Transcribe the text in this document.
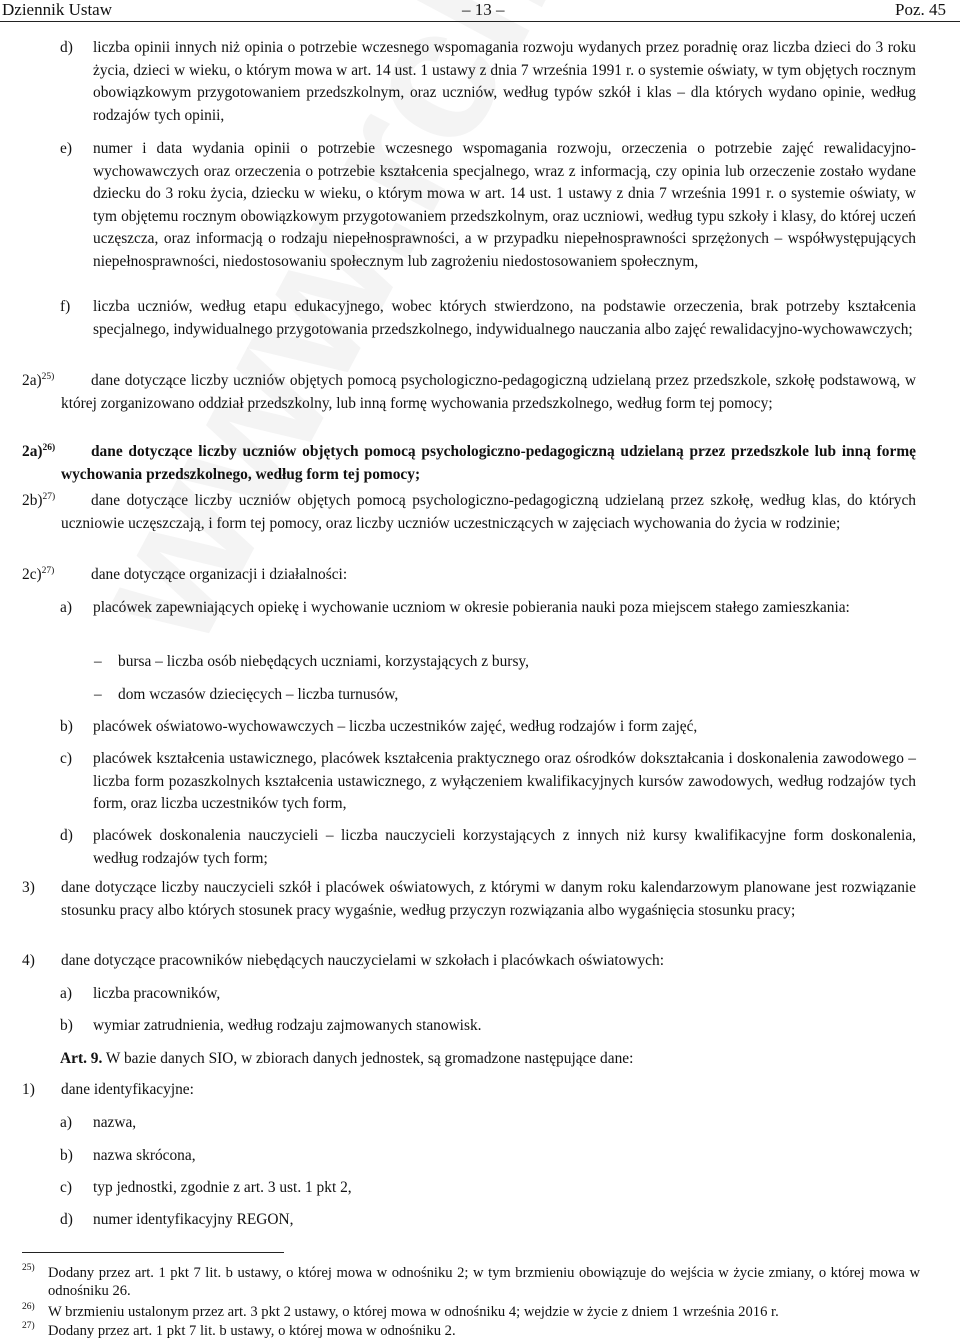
Dziennik Ustaw	– 13 –	Poz. 45
d) liczba opinii innych niż opinia o potrzebie wczesnego wspomagania rozwoju wydanych przez poradnię oraz liczba dzieci do 3 roku życia, dzieci w wieku, o którym mowa w art. 14 ust. 1 ustawy z dnia 7 września 1991 r. o systemie oświaty, w tym objętych rocznym obowiązkowym przygotowaniem przedszkolnym, oraz uczniów, według typów szkół i klas – dla których wydano opinie, według rodzajów tych opinii,
e) numer i data wydania opinii o potrzebie wczesnego wspomagania rozwoju, orzeczenia o potrzebie zajęć rewalidacyjno-wychowawczych oraz orzeczenia o potrzebie kształcenia specjalnego, wraz z informacją, czy opinia lub orzeczenie zostało wydane dziecku do 3 roku życia, dziecku w wieku, o którym mowa w art. 14 ust. 1 ustawy z dnia 7 września 1991 r. o systemie oświaty, w tym objętemu rocznym obowiązkowym przygotowaniem przedszkolnym, oraz uczniowi, według typu szkoły i klasy, do której uczeń uczęszcza, oraz informacją o rodzaju niepełnosprawności, a w przypadku niepełnosprawności sprzężonych – współwystępujących niepełnosprawności, niedostosowaniu społecznym lub zagrożeniu niedostosowaniem społecznym,
f) liczba uczniów, według etapu edukacyjnego, wobec których stwierdzono, na podstawie orzeczenia, brak potrzeby kształcenia specjalnego, indywidualnego przygotowania przedszkolnego, indywidualnego nauczania albo zajęć rewalidacyjno-wychowawczych;
2a)$^{25)}$	dane dotyczące liczby uczniów objętych pomocą psychologiczno-pedagogiczną udzielaną przez przedszkole, szkołę podstawową, w której zorganizowano oddział przedszkolny, lub inną formę wychowania przedszkolnego, według form tej pomocy;
2a)$^{26)}$	dane dotyczące liczby uczniów objętych pomocą psychologiczno-pedagogiczną udzielaną przez przedszkole lub inną formę wychowania przedszkolnego, według form tej pomocy;
2b)$^{27)}$	dane dotyczące liczby uczniów objętych pomocą psychologiczno-pedagogiczną udzielaną przez szkołę, według klas, do których uczniowie uczęszczają, i form tej pomocy, oraz liczby uczniów uczestniczących w zajęciach wychowania do życia w rodzinie;
2c)$^{27)}$ dane dotyczące organizacji i działalności:
a) placówek zapewniających opiekę i wychowanie uczniom w okresie pobierania nauki poza miejscem stałego zamieszkania:
– bursa – liczba osób niebędących uczniami, korzystających z bursy,
– dom wczasów dziecięcych – liczba turnusów,
b) placówek oświatowo-wychowawczych – liczba uczestników zajęć, według rodzajów i form zajęć,
c) placówek kształcenia ustawicznego, placówek kształcenia praktycznego oraz ośrodków dokształcania i doskonalenia zawodowego – liczba form pozaszkolnych kształcenia ustawicznego, z wyłączeniem kwalifikacyjnych kursów zawodowych, według rodzajów tych form, oraz liczba uczestników tych form,
d) placówek doskonalenia nauczycieli – liczba nauczycieli korzystających z innych niż kursy kwalifikacyjne form doskonalenia, według rodzajów tych form;
3) dane dotyczące liczby nauczycieli szkół i placówek oświatowych, z którymi w danym roku kalendarzowym planowane jest rozwiązanie stosunku pracy albo których stosunek pracy wygaśnie, według przyczyn rozwiązania albo wygaśnięcia stosunku pracy;
4) dane dotyczące pracowników niebędących nauczycielami w szkołach i placówkach oświatowych:
a) liczba pracowników,
b) wymiar zatrudnienia, według rodzaju zajmowanych stanowisk.
Art. 9. W bazie danych SIO, w zbiorach danych jednostek, są gromadzone następujące dane:
1) dane identyfikacyjne:
a) nazwa,
b) nazwa skrócona,
c) typ jednostki, zgodnie z art. 3 ust. 1 pkt 2,
d) numer identyfikacyjny REGON,
25) Dodany przez art. 1 pkt 7 lit. b ustawy, o której mowa w odnośniku 2; w tym brzmieniu obowiązuje do wejścia w życie zmiany, o której mowa w odnośniku 26.
26) W brzmieniu ustalonym przez art. 3 pkt 2 ustawy, o której mowa w odnośniku 4; wejdzie w życie z dniem 1 września 2016 r.
27) Dodany przez art. 1 pkt 7 lit. b ustawy, o której mowa w odnośniku 2.
